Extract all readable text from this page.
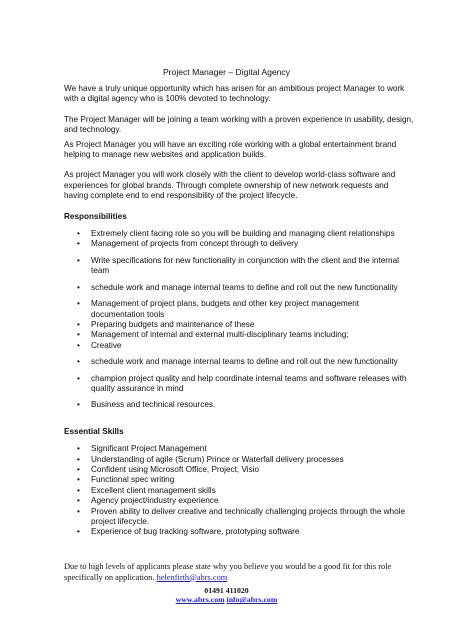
Project Manager – Digital Agency

We have a truly unique opportunity which has arisen for an ambitious project Manager to work with a digital agency who is 100% devoted to technology.

The Project Manager will be joining a team working with a proven experience in usability, design, and technology.

As Project Manager you will have an exciting role working with a global entertainment brand helping to manage new websites and application builds.

As project Manager you will work closely with the client to develop world-class software and experiences for global brands. Through complete ownership of new network requests and having complete end to end responsibility of the project lifecycle.

Responsibilities

• Extremely client facing role so you will be building and managing client relationships
• Management of projects from concept through to delivery
• Write specifications for new functionality in conjunction with the client and the internal team
• schedule work and manage internal teams to define and roll out the new functionality
• Management of project plans, budgets and other key project management documentation tools
• Preparing budgets and maintenance of these
• Management of internal and external multi-disciplinary teams including;
• Creative
• schedule work and manage internal teams to define and roll out the new functionality
• champion project quality and help coordinate internal teams and software releases with quality assurance in mind
• Business and technical resources.

Essential Skills

• Significant Project Management
• Understanding of agile (Scrum) Prince or Waterfall delivery processes
• Confident using Microsoft Office, Project, Visio
• Functional spec writing
• Excellent client management skills
• Agency project/industry experience
• Proven ability to deliver creative and technically challenging projects through the whole project lifecycle.
• Experience of bug tracking software, prototyping software
Due to high levels of applicants please state why you believe you would be a good fit for this role specifically on application. helenfirth@abrs.com
01491 411020
www.abrs.com info@abrs.com
